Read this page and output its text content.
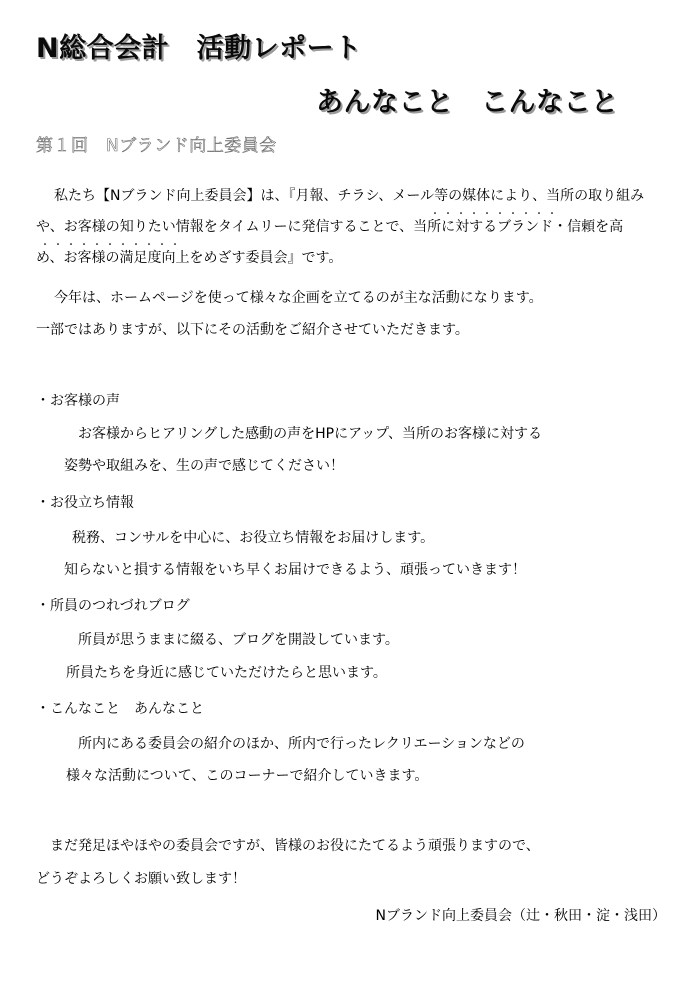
N総合会計　活動レポート
あんなこと　こんなこと
第１回　Nブランド向上委員会
私たち【Nブランド向上委員会】は、『月報、チラシ、メール等の媒体により、当所の取り組み
・・・・・・・・・・
や、お客様の知りたい情報をタイムリーに発信することで、当所に対するブランド・信頼を高
・・・・・・・・・・・
め、お客様の満足度向上をめざす委員会』です。
今年は、ホームページを使って様々な企画を立てるのが主な活動になります。
一部ではありますが、以下にその活動をご紹介させていただきます。
・お客様の声
お客様からヒアリングした感動の声をHPにアップ、当所のお客様に対する
姿勢や取組みを、生の声で感じてください！
・お役立ち情報
税務、コンサルを中心に、お役立ち情報をお届けします。
知らないと損する情報をいち早くお届けできるよう、頑張っていきます！
・所員のつれづれブログ
所員が思うままに綴る、ブログを開設しています。
所員たちを身近に感じていただけたらと思います。
・こんなこと　あんなこと
所内にある委員会の紹介のほか、所内で行ったレクリエーションなどの
様々な活動について、このコーナーで紹介していきます。
まだ発足ほやほやの委員会ですが、皆様のお役にたてるよう頑張りますので、
どうぞよろしくお願い致します！
Nブランド向上委員会（辻・秋田・淀・浅田）
